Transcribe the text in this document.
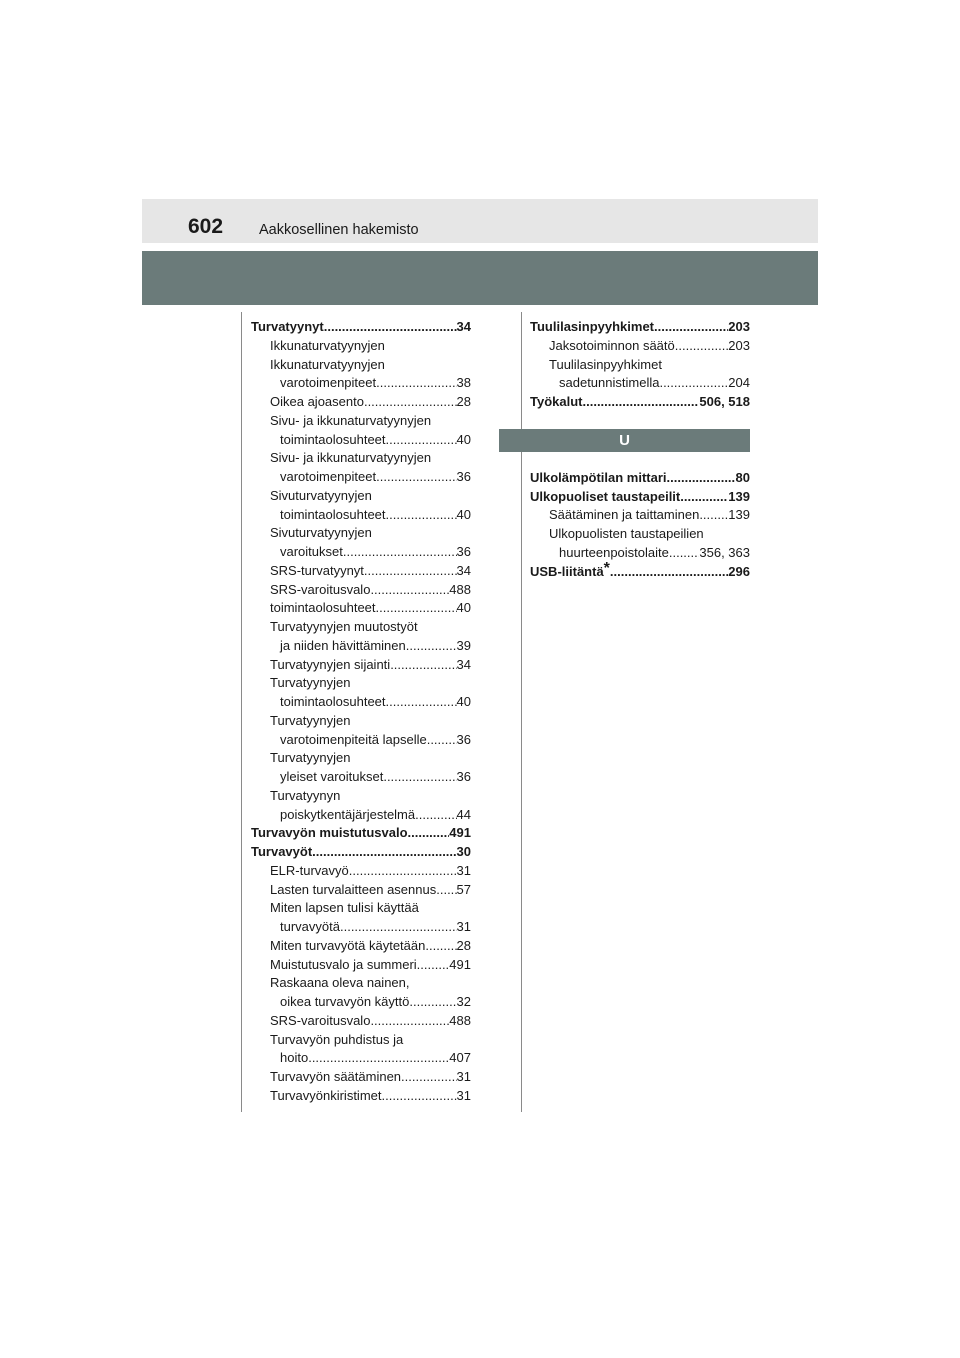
602 Aakkosellinen hakemisto
Turvatyynyt .....	34
Ikkunaturvatyynyjen
Ikkunaturvatyynyjen
varotoimenpiteet .....	38
Oikea ajoasento .....	28
Sivu- ja ikkunaturvatyynyjen
toimintaolosuhteet .....	40
Sivu- ja ikkunaturvatyynyjen
varotoimenpiteet .....	36
Sivuturvatyynyjen
toimintaolosuhteet .....	40
Sivuturvatyynyjen
varoitukset .....	36
SRS-turvatyynyt .....	34
SRS-varoitusvalo .....	488
toimintaolosuhteet .....	40
Turvatyynyjen muutostyöt
ja niiden hävittäminen .....	39
Turvatyynyjen sijainti .....	34
Turvatyynyjen
toimintaolosuhteet .....	40
Turvatyynyjen
varotoimenpiteitä lapselle ..... 36
Turvatyynyjen
yleiset varoitukset .....	36
Turvatyynyn
poiskytkentäjärjestelmä .....	44
Turvavyön muistutusvalo .....	491
Turvavyöt .....	30
ELR-turvavyö .....	31
Lasten turvalaitteen asennus ..... 57
Miten lapsen tulisi käyttää
turvavyötä .....	31
Miten turvavyötä käytetään ..... 28
Muistutusvalo ja summeri .....	491
Raskaana oleva nainen,
oikea turvavyön käyttö .....	32
SRS-varoitusvalo .....	488
Turvavyön puhdistus ja
hoito .....	407
Turvavyön säätäminen .....	31
Turvavyönkiristimet .....	31
Tuulilasinpyyhkimet .....	203
Jaksotoiminnon säätö .....	203
Tuulilasinpyyhkimet
sadetunnistimella .....	204
Työkalut .....	506, 518
U
Ulkolämpötilan mittari .....	80
Ulkopuoliset taustapeilit .....	139
Säätäminen ja taittaminen ..... 139
Ulkopuolisten taustapeilien
huurteenpoistolaite ..... 356, 363
USB-liitäntä * .....	296
